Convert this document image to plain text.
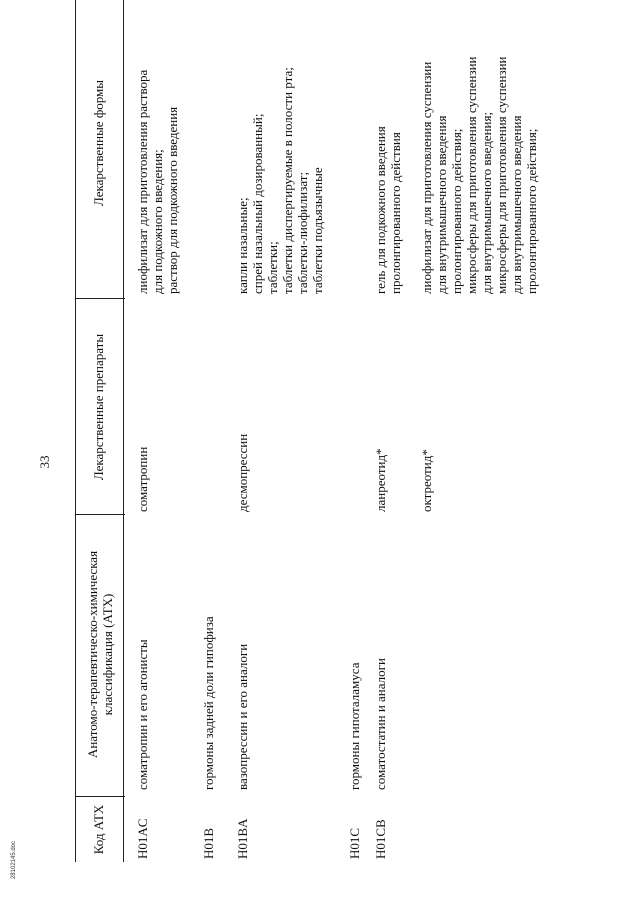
33
28102145.doc
Код АТХ
Анатомо-терапевтическо-химическая классификация (АТХ)
Лекарственные препараты
Лекарственные формы
H01AC
соматропин и его агонисты
соматропин
лиофилизат для приготовления раствора
для подкожного введения;
раствор для подкожного введения
H01B
гормоны задней доли гипофиза
H01BA
вазопрессин и его аналоги
десмопрессин
капли назальные;
спрей назальный дозированный;
таблетки;
таблетки диспергируемые в полости рта;
таблетки-лиофилизат;
таблетки подъязычные
H01C
гормоны гипоталамуса
H01CB
соматостатин и аналоги
ланреотид*
гель для подкожного введения
пролонгированного действия
октреотид*
лиофилизат для приготовления суспензии
для внутримышечного введения
пролонгированного действия;
микросферы для приготовления суспензии
для внутримышечного введения;
микросферы для приготовления суспензии
для внутримышечного введения
пролонгированного действия;
